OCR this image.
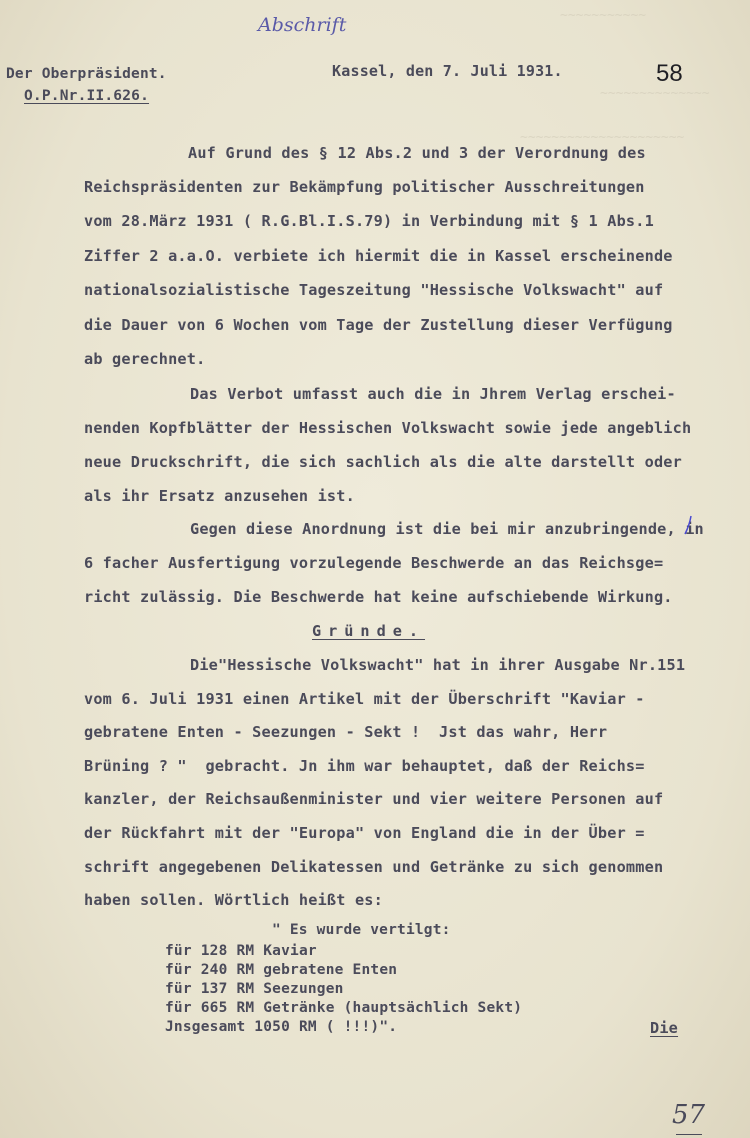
~~~~~~~~~~~
~~~~~~~~~~~~~~
~~~~~~~~~~~~~~~~~~~~~
Abschrift
58
Der Oberpräsident.
O.P.Nr.II.626.
Kassel, den 7. Juli 1931.
Auf Grund des § 12 Abs.2 und 3 der Verordnung des
Reichspräsidenten zur Bekämpfung politischer Ausschreitungen
vom 28.März 1931 ( R.G.Bl.I.S.79) in Verbindung mit § 1 Abs.1
Ziffer 2 a.a.O. verbiete ich hiermit die in Kassel erscheinende
nationalsozialistische Tageszeitung "Hessische Volkswacht" auf
die Dauer von 6 Wochen vom Tage der Zustellung dieser Verfügung
ab gerechnet.
Das Verbot umfasst auch die in Jhrem Verlag erschei-
nenden Kopfblätter der Hessischen Volkswacht sowie jede angeblich
neue Druckschrift, die sich sachlich als die alte darstellt oder
als ihr Ersatz anzusehen ist.
Gegen diese Anordnung ist die bei mir anzubringende, in
6 facher Ausfertigung vorzulegende Beschwerde an das Reichsge=
richt zulässig. Die Beschwerde hat keine aufschiebende Wirkung.
Gründe.
Die"Hessische Volkswacht" hat in ihrer Ausgabe Nr.151
vom 6. Juli 1931 einen Artikel mit der Überschrift "Kaviar -
gebratene Enten - Seezungen - Sekt !  Jst das wahr, Herr
Brüning ? "  gebracht. Jn ihm war behauptet, daß der Reichs=
kanzler, der Reichsaußenminister und vier weitere Personen auf
der Rückfahrt mit der "Europa" von England die in der Über =
schrift angegebenen Delikatessen und Getränke zu sich genommen
haben sollen. Wörtlich heißt es:
" Es wurde vertilgt:
für 128 RM Kaviar
für 240 RM gebratene Enten
für 137 RM Seezungen
für 665 RM Getränke (hauptsächlich Sekt)
Jnsgesamt 1050 RM ( !!!)".	Die
57
